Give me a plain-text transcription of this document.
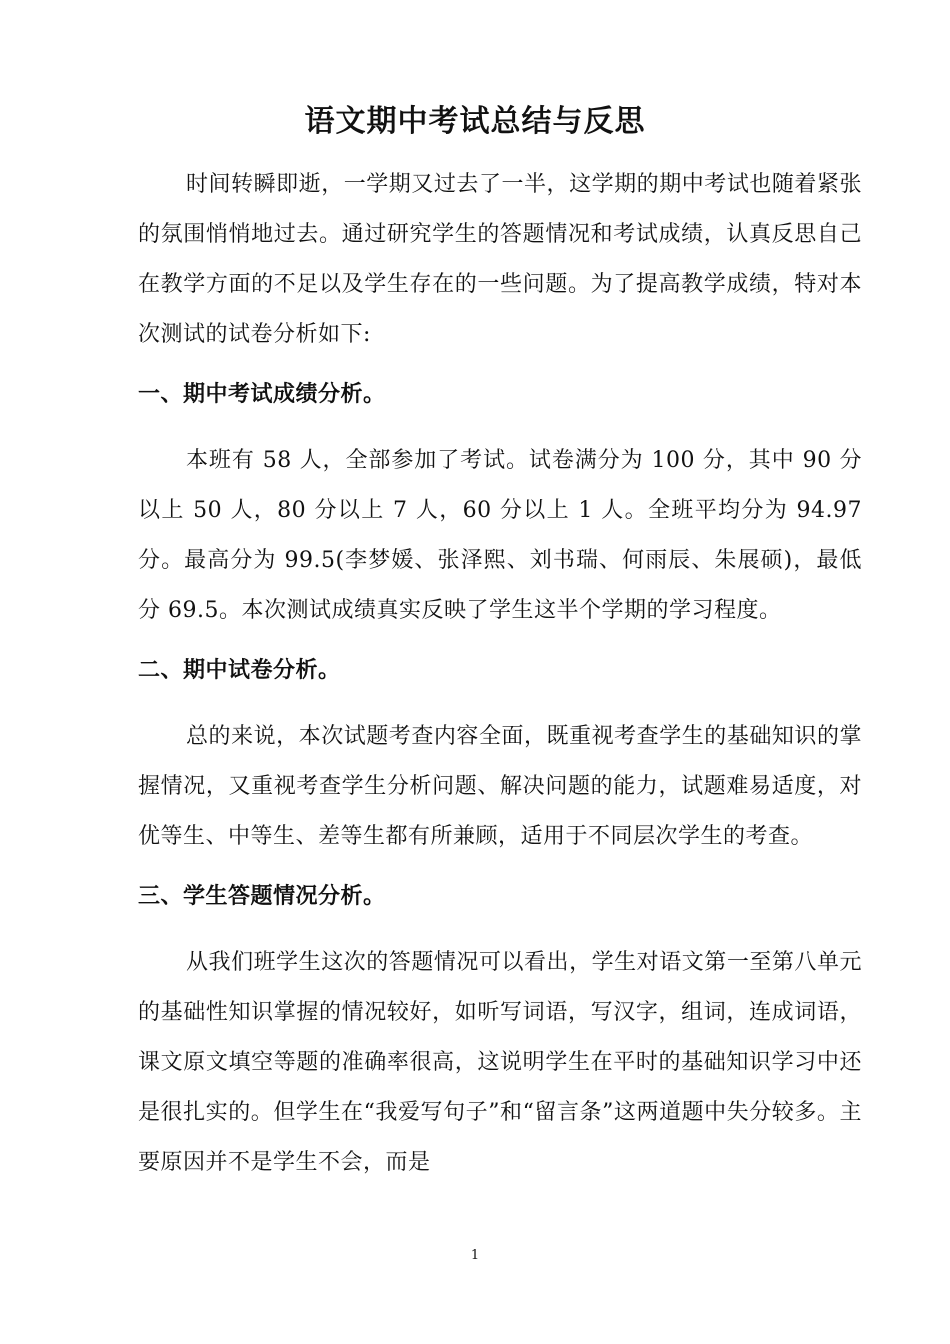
语文期中考试总结与反思

时间转瞬即逝，一学期又过去了一半，这学期的期中考试也随着紧张的氛围悄悄地过去。通过研究学生的答题情况和考试成绩，认真反思自己在教学方面的不足以及学生存在的一些问题。为了提高教学成绩，特对本次测试的试卷分析如下:

一、期中考试成绩分析。

本班有 58 人，全部参加了考试。试卷满分为 100 分，其中 90 分以上 50 人，80 分以上 7 人，60 分以上 1 人。全班平均分为 94.97 分。最高分为 99.5(李梦媛、张泽熙、刘书瑞、何雨辰、朱展硕)，最低分 69.5。本次测试成绩真实反映了学生这半个学期的学习程度。

二、期中试卷分析。

总的来说，本次试题考查内容全面，既重视考查学生的基础知识的掌握情况，又重视考查学生分析问题、解决问题的能力，试题难易适度，对优等生、中等生、差等生都有所兼顾，适用于不同层次学生的考查。

三、学生答题情况分析。

从我们班学生这次的答题情况可以看出，学生对语文第一至第八单元的基础性知识掌握的情况较好，如听写词语，写汉字，组词，连成词语，课文原文填空等题的准确率很高，这说明学生在平时的基础知识学习中还是很扎实的。但学生在“我爱写句子”和“留言条”这两道题中失分较多。主要原因并不是学生不会，而是

1
